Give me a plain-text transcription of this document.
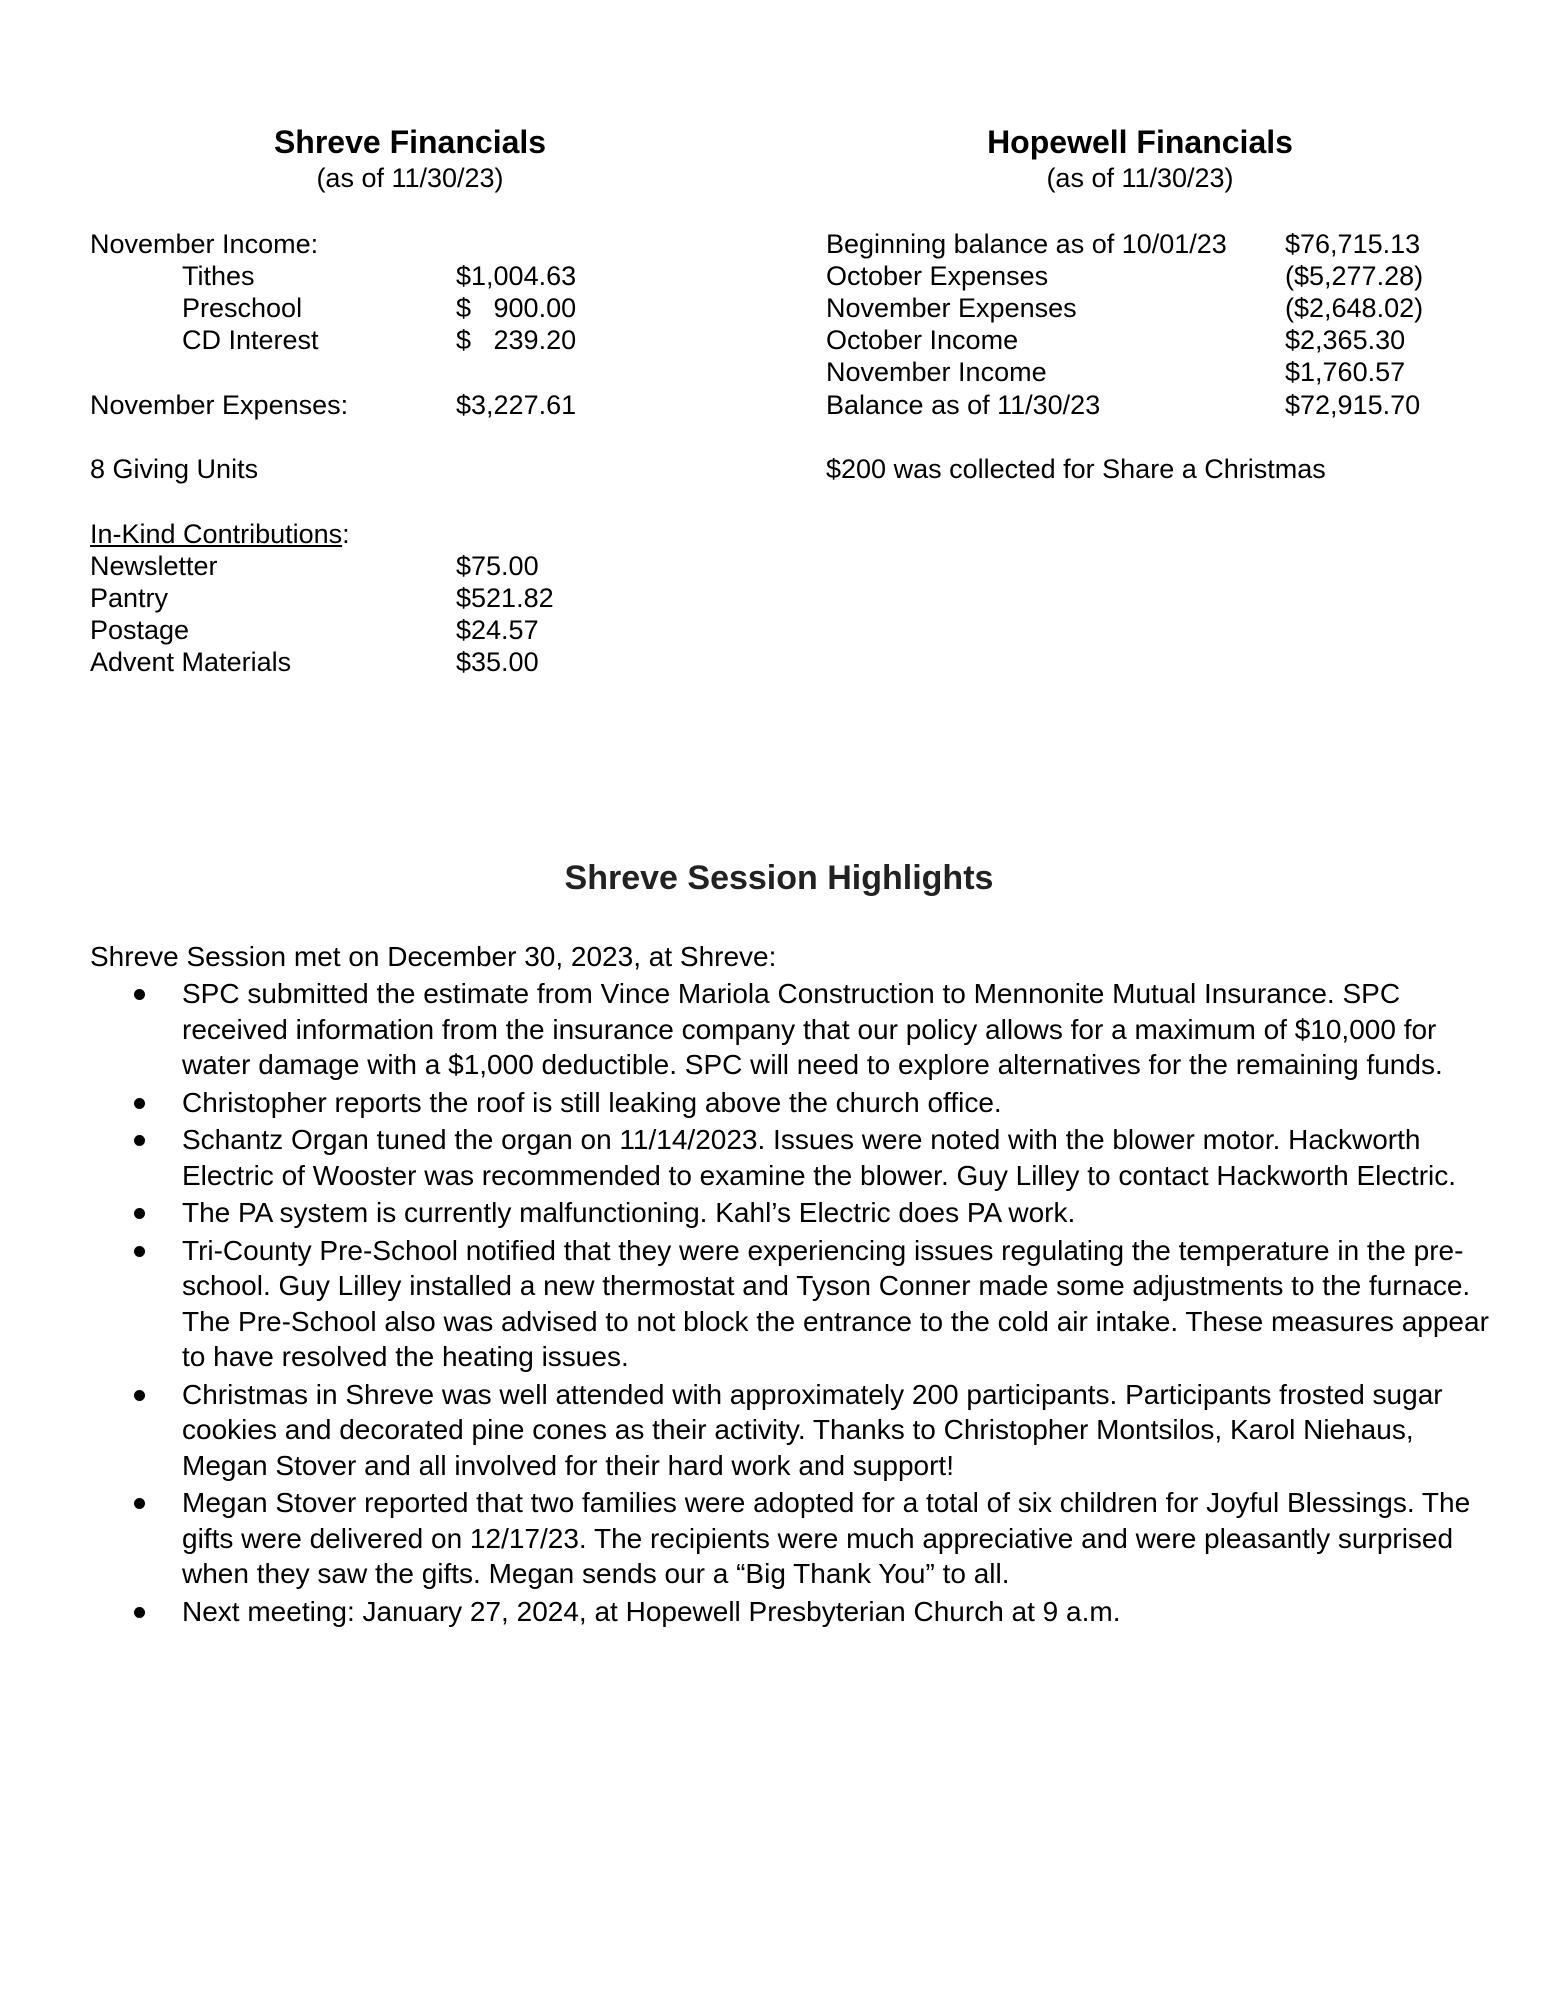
Shreve Financials
(as of 11/30/23)
Hopewell Financials
(as of 11/30/23)
November Income:
Tithes	$1,004.63
Preschool	$   900.00
CD Interest	$   239.20
November Expenses:	$3,227.61
8 Giving Units
In-Kind Contributions:
Newsletter	$75.00
Pantry	$521.82
Postage	$24.57
Advent Materials	$35.00
Beginning balance as of 10/01/23 $76,715.13
October Expenses	($5,277.28)
November Expenses	($2,648.02)
October Income	$2,365.30
November Income	$1,760.57
Balance as of 11/30/23	$72,915.70
$200 was collected for Share a Christmas
Shreve Session Highlights
Shreve Session met on December 30, 2023, at Shreve:
SPC submitted the estimate from Vince Mariola Construction to Mennonite Mutual Insurance. SPC received information from the insurance company that our policy allows for a maximum of $10,000 for water damage with a $1,000 deductible. SPC will need to explore alternatives for the remaining funds.
Christopher reports the roof is still leaking above the church office.
Schantz Organ tuned the organ on 11/14/2023. Issues were noted with the blower motor. Hackworth Electric of Wooster was recommended to examine the blower. Guy Lilley to contact Hackworth Electric.
The PA system is currently malfunctioning. Kahl’s Electric does PA work.
Tri-County Pre-School notified that they were experiencing issues regulating the temperature in the pre-school. Guy Lilley installed a new thermostat and Tyson Conner made some adjustments to the furnace. The Pre-School also was advised to not block the entrance to the cold air intake. These measures appear to have resolved the heating issues.
Christmas in Shreve was well attended with approximately 200 participants. Participants frosted sugar cookies and decorated pine cones as their activity. Thanks to Christopher Montsilos, Karol Niehaus, Megan Stover and all involved for their hard work and support!
Megan Stover reported that two families were adopted for a total of six children for Joyful Blessings. The gifts were delivered on 12/17/23. The recipients were much appreciative and were pleasantly surprised when they saw the gifts. Megan sends our a “Big Thank You” to all.
Next meeting: January 27, 2024, at Hopewell Presbyterian Church at 9 a.m.
